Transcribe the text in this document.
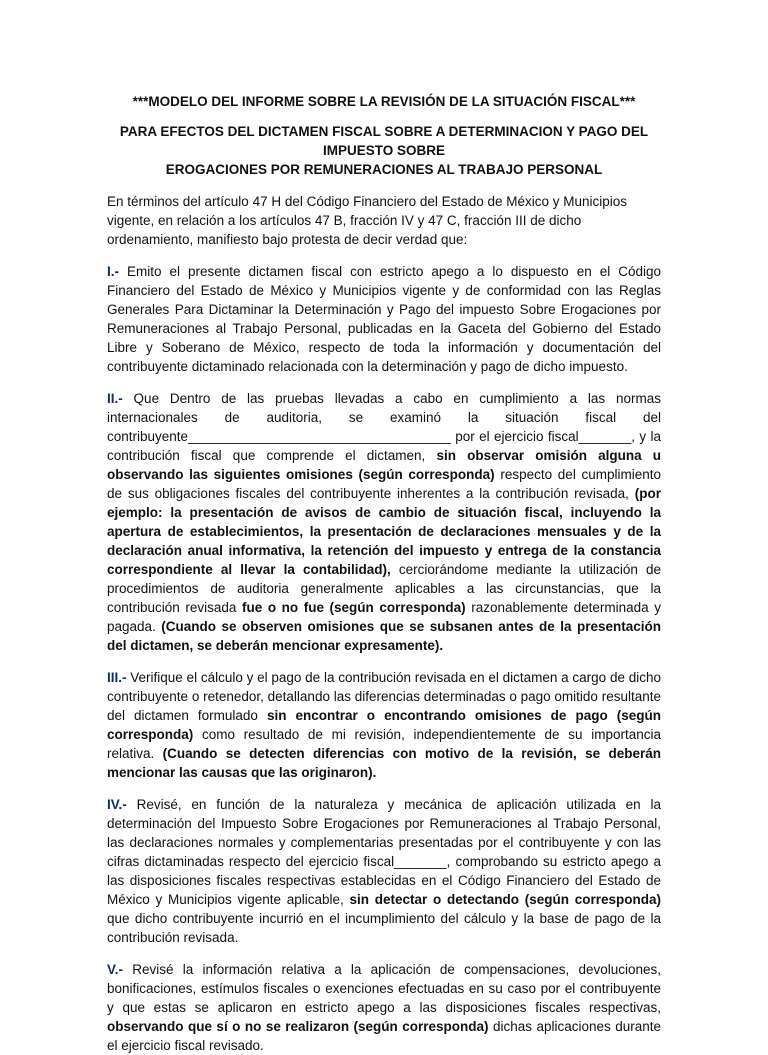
***MODELO DEL INFORME SOBRE LA REVISIÓN DE LA SITUACIÓN FISCAL***
PARA EFECTOS DEL DICTAMEN FISCAL SOBRE A DETERMINACION Y PAGO DEL IMPUESTO SOBRE
EROGACIONES POR REMUNERACIONES AL TRABAJO PERSONAL

En términos del artículo 47 H del Código Financiero del Estado de México y Municipios vigente, en relación a los artículos 47 B, fracción IV y 47 C, fracción III de dicho ordenamiento, manifiesto bajo protesta de decir verdad que:

I.- Emito el presente dictamen fiscal con estricto apego a lo dispuesto en el Código Financiero del Estado de México y Municipios vigente y de conformidad con las Reglas Generales Para Dictaminar la Determinación y Pago del impuesto Sobre Erogaciones por Remuneraciones al Trabajo Personal, publicadas en la Gaceta del Gobierno del Estado Libre y Soberano de México, respecto de toda la información y documentación del contribuyente dictaminado relacionada con la determinación y pago de dicho impuesto.

II.- Que Dentro de las pruebas llevadas a cabo en cumplimiento a las normas internacionales de auditoria, se examinó la situación fiscal del contribuyente___________________________________ por el ejercicio fiscal_______, y la contribución fiscal que comprende el dictamen, sin observar omisión alguna u observando las siguientes omisiones (según corresponda) respecto del cumplimiento de sus obligaciones fiscales del contribuyente inherentes a la contribución revisada, (por ejemplo: la presentación de avisos de cambio de situación fiscal, incluyendo la apertura de establecimientos, la presentación de declaraciones mensuales y de la declaración anual informativa, la retención del impuesto y entrega de la constancia correspondiente al llevar la contabilidad), cerciorándome mediante la utilización de procedimientos de auditoria generalmente aplicables a las circunstancias, que la contribución revisada fue o no fue (según corresponda) razonablemente determinada y pagada. (Cuando se observen omisiones que se subsanen antes de la presentación del dictamen, se deberán mencionar expresamente).

III.- Verifique el cálculo y el pago de la contribución revisada en el dictamen a cargo de dicho contribuyente o retenedor, detallando las diferencias determinadas o pago omitido resultante del dictamen formulado sin encontrar o encontrando omisiones de pago (según corresponda) como resultado de mi revisión, independientemente de su importancia relativa. (Cuando se detecten diferencias con motivo de la revisión, se deberán mencionar las causas que las originaron).

IV.- Revisé, en función de la naturaleza y mecánica de aplicación utilizada en la determinación del Impuesto Sobre Erogaciones por Remuneraciones al Trabajo Personal, las declaraciones normales y complementarias presentadas por el contribuyente y con las cifras dictaminadas respecto del ejercicio fiscal_______, comprobando su estricto apego a las disposiciones fiscales respectivas establecidas en el Código Financiero del Estado de México y Municipios vigente aplicable, sin detectar o detectando (según corresponda) que dicho contribuyente incurrió en el incumplimiento del cálculo y la base de pago de la contribución revisada.

V.- Revisé la información relativa a la aplicación de compensaciones, devoluciones, bonificaciones, estímulos fiscales o exenciones efectuadas en su caso por el contribuyente y que estas se aplicaron en estricto apego a las disposiciones fiscales respectivas, observando que sí o no se realizaron (según corresponda) dichas aplicaciones durante el ejercicio fiscal revisado.
